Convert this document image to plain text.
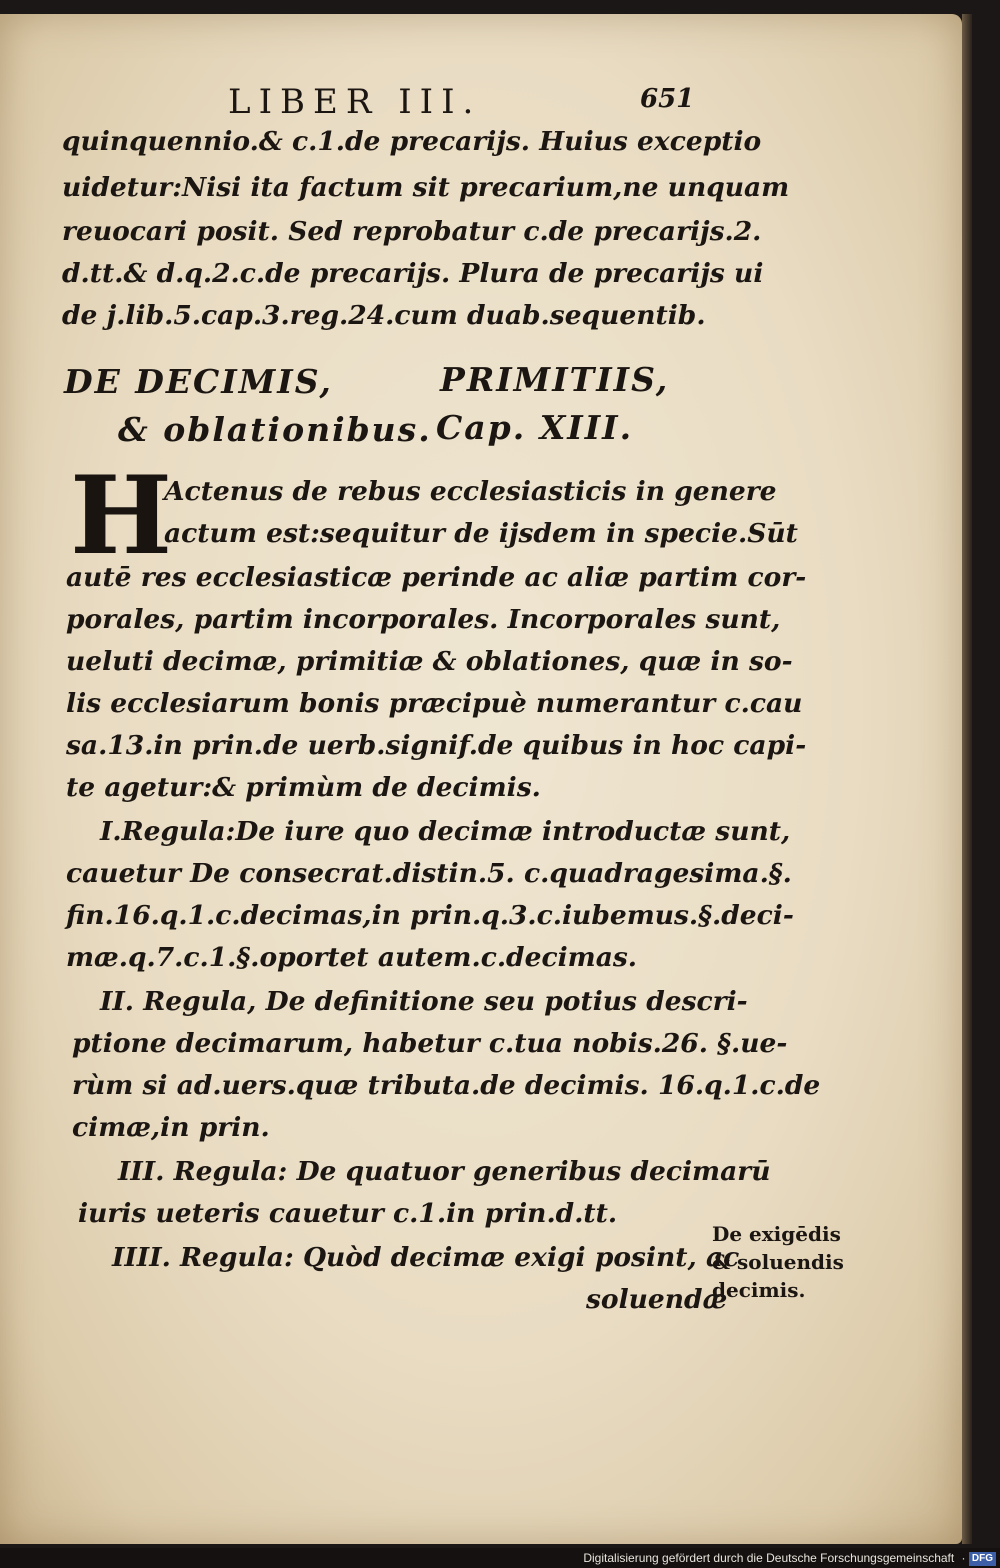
LIBER III.	651
quinquennio.& c.1.de precarijs. Huius exceptio
uidetur:Nisi ita factum sit precarium,ne unquam
reuocari posit. Sed reprobatur c.de precarijs.2.
d.tt.& d.q.2.c.de precarijs. Plura de precarijs ui
de j.lib.5.cap.3.reg.24.cum duab.sequentib.
DE DECIMIS,	PRIMITIIS,
& oblationibus. Cap. XIII.
H
Actenus de rebus ecclesiasticis in genere
actum est:sequitur de ijsdem in specie.Sūt
autē res ecclesiasticæ perinde ac aliæ partim cor-
porales, partim incorporales. Incorporales sunt,
ueluti decimæ, primitiæ & oblationes, quæ in so-
lis ecclesiarum bonis præcipuè numerantur c.cau
sa.13.in prin.de uerb.signif.de quibus in hoc capi-
te agetur:& primùm de decimis.
I.Regula:De iure quo decimæ introductæ sunt,
cauetur De consecrat.distin.5. c.quadragesima.§.
fin.16.q.1.c.decimas,in prin.q.3.c.iubemus.§.deci-
mæ.q.7.c.1.§.oportet autem.c.decimas.
II. Regula, De definitione seu potius descri-
ptione decimarum, habetur c.tua nobis.26. §.ue-
rùm si ad.uers.quæ tributa.de decimis. 16.q.1.c.de
cimæ,in prin.
III. Regula: De quatuor generibus decimarū
iuris ueteris cauetur c.1.in prin.d.tt.
IIII. Regula: Quòd decimæ exigi posint, ac
soluendæ
De exigēdis
& soluendis
decimis.
Digitalisierung gefördert durch die Deutsche Forschungsgemeinschaft · DFG
